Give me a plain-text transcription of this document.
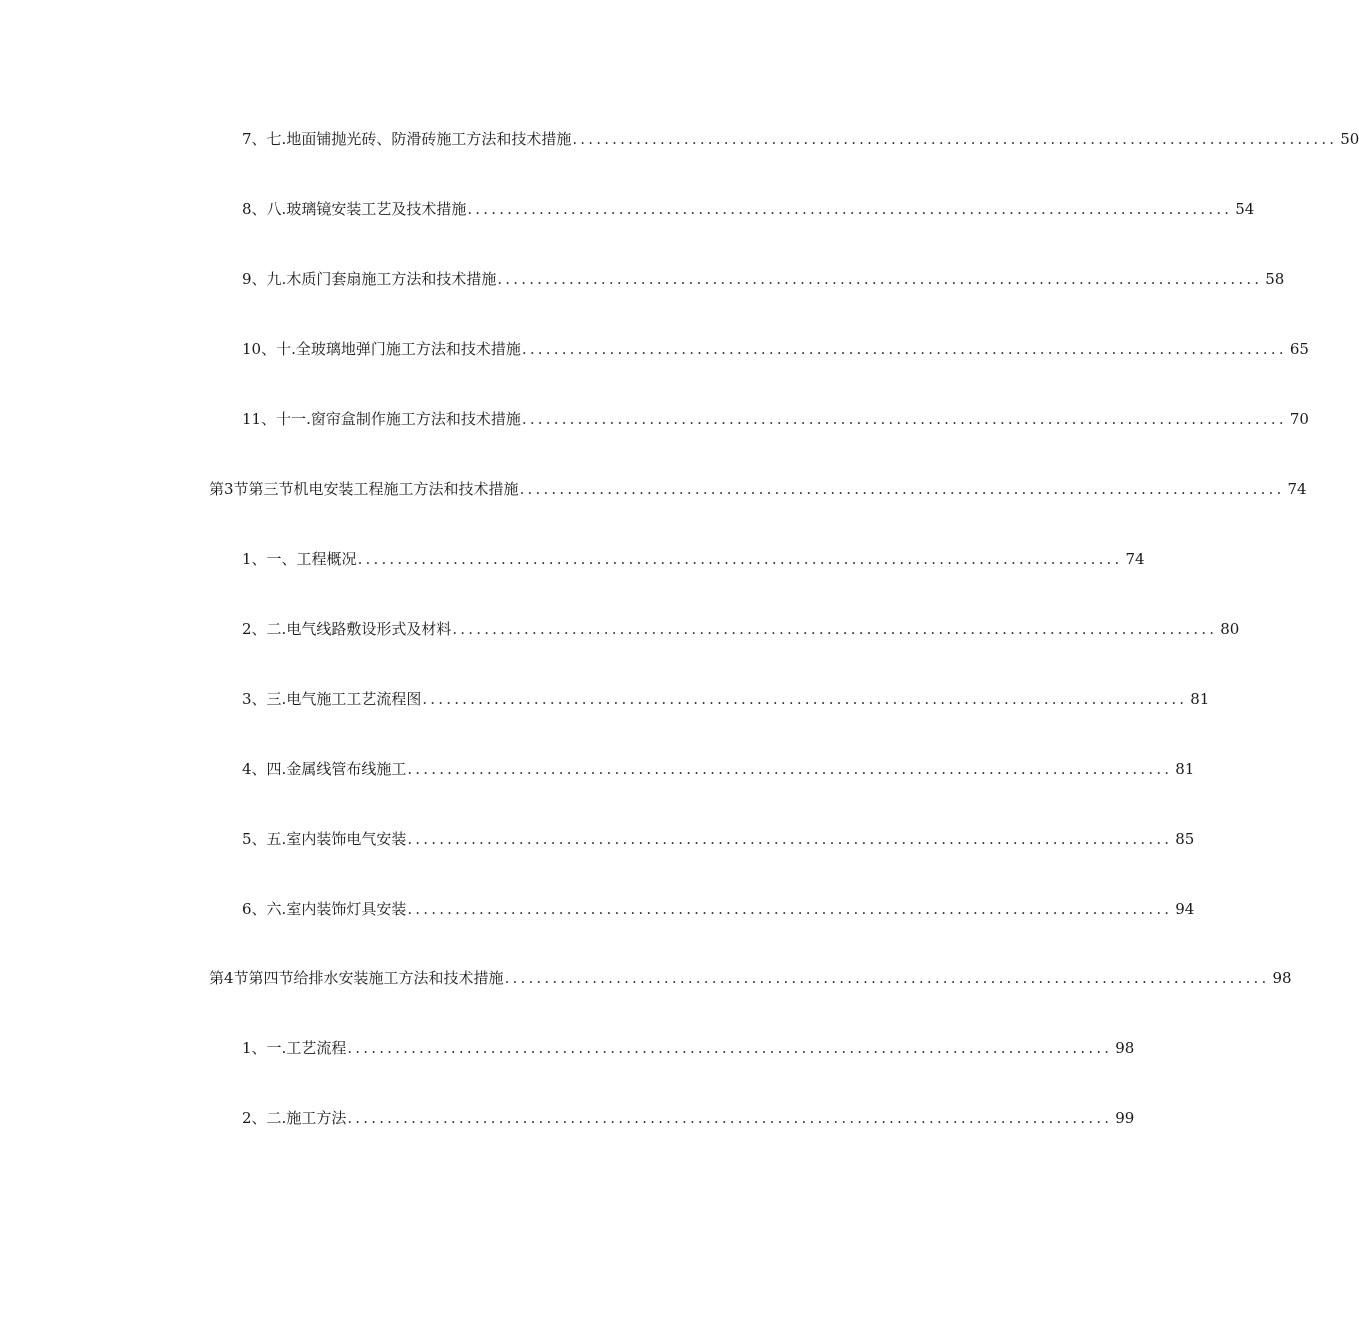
7、 七.地面铺抛光砖、防滑砖施工方法和技术措施 ................................................................................................ 50
8、 八.玻璃镜安装工艺及技术措施 ................................................................................................ 54
9、 九.木质门套扇施工方法和技术措施 ................................................................................................ 58
10、 十.全玻璃地弹门施工方法和技术措施 ................................................................................................ 65
11、 十一.窗帘盒制作施工方法和技术措施 ................................................................................................ 70
第3节 第三节机电安装工程施工方法和技术措施 ................................................................................................ 74
1、 一、工程概况 ................................................................................................ 74
2、 二.电气线路敷设形式及材料 ................................................................................................ 80
3、 三.电气施工工艺流程图 ................................................................................................ 81
4、 四.金属线管布线施工 ................................................................................................ 81
5、 五.室内装饰电气安装 ................................................................................................ 85
6、 六.室内装饰灯具安装 ................................................................................................ 94
第4节 第四节给排水安装施工方法和技术措施 ................................................................................................ 98
1、 一.工艺流程 ................................................................................................ 98
2、 二.施工方法 ................................................................................................ 99
